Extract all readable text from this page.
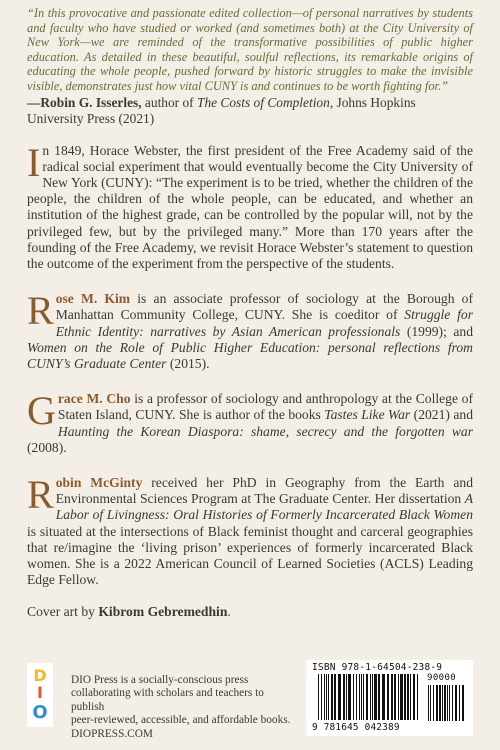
“In this provocative and passionate edited collection—of personal narratives by students and faculty who have studied or worked (and sometimes both) at the City University of New York—we are reminded of the transformative possibilities of public higher education. As detailed in these beautiful, soulful reflections, its remarkable origins of educating the whole people, pushed forward by historic struggles to make the invisible visible, demonstrates just how vital CUNY is and continues to be worth fighting for.”

—Robin G. Isserles, author of The Costs of Completion, Johns Hopkins University Press (2021)

In 1849, Horace Webster, the first president of the Free Academy said of the radical social experiment that would eventually become the City University of New York (CUNY): “The experiment is to be tried, whether the children of the people, the children of the whole people, can be educated, and whether an institution of the highest grade, can be controlled by the popular will, not by the privileged few, but by the privileged many.” More than 170 years after the founding of the Free Academy, we revisit Horace Webster’s statement to question the outcome of the experiment from the perspective of the students.

Rose M. Kim is an associate professor of sociology at the Borough of Manhattan Community College, CUNY. She is coeditor of Struggle for Ethnic Identity: narratives by Asian American professionals (1999); and Women on the Role of Public Higher Education: personal reflections from CUNY’s Graduate Center (2015).

Grace M. Cho is a professor of sociology and anthropology at the College of Staten Island, CUNY. She is author of the books Tastes Like War (2021) and Haunting the Korean Diaspora: shame, secrecy and the forgotten war (2008).

Robin McGinty received her PhD in Geography from the Earth and Environmental Sciences Program at The Graduate Center. Her dissertation A Labor of Livingness: Oral Histories of Formerly Incarcerated Black Women is situated at the intersections of Black feminist thought and carceral geographies that re/imagine the ‘living prison’ experiences of formerly incarcerated Black women. She is a 2022 American Council of Learned Societies (ACLS) Leading Edge Fellow.

Cover art by Kibrom Gebremedhin.

D
I
O
DIO Press is a socially-conscious press
collaborating with scholars and teachers to publish
peer-reviewed, accessible, and affordable books.
DIOPRESS.COM
ISBN 978-1-64504-238-9
9 781645 042389
90000
